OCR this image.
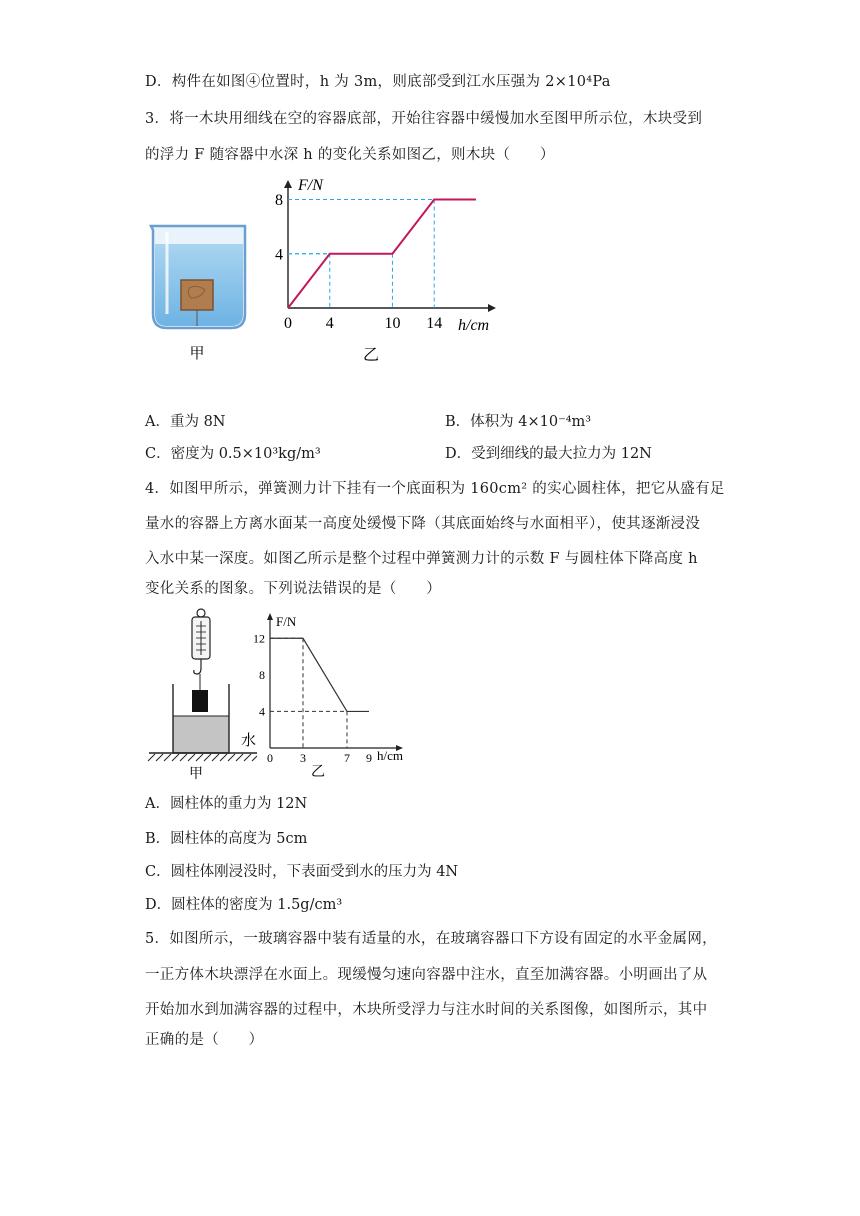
D．构件在如图④位置时，h 为 3m，则底部受到江水压强为 2×10⁴Pa
3．将一木块用细线在空的容器底部，开始往容器中缓慢加水至图甲所示位，木块受到
的浮力 F 随容器中水深 h 的变化关系如图乙，则木块（　　）
甲
F/N
h/cm
0 4	10 14
8
4
乙
A．重为 8N	B．体积为 4×10⁻⁴m³
C．密度为 0.5×10³kg/m³	D．受到细线的最大拉力为 12N
4．如图甲所示，弹簧测力计下挂有一个底面积为 160cm² 的实心圆柱体，把它从盛有足
量水的容器上方离水面某一高度处缓慢下降（其底面始终与水面相平），使其逐渐浸没
入水中某一深度。如图乙所示是整个过程中弹簧测力计的示数 F 与圆柱体下降高度 h
变化关系的图象。下列说法错误的是（　　）
水
甲
F/N
h/cm
0 3	7 9
12
8
4
乙
A．圆柱体的重力为 12N
B．圆柱体的高度为 5cm
C．圆柱体刚浸没时，下表面受到水的压力为 4N
D．圆柱体的密度为 1.5g/cm³
5．如图所示，一玻璃容器中装有适量的水，在玻璃容器口下方设有固定的水平金属网，
一正方体木块漂浮在水面上。现缓慢匀速向容器中注水，直至加满容器。小明画出了从
开始加水到加满容器的过程中，木块所受浮力与注水时间的关系图像，如图所示，其中
正确的是（　　）
